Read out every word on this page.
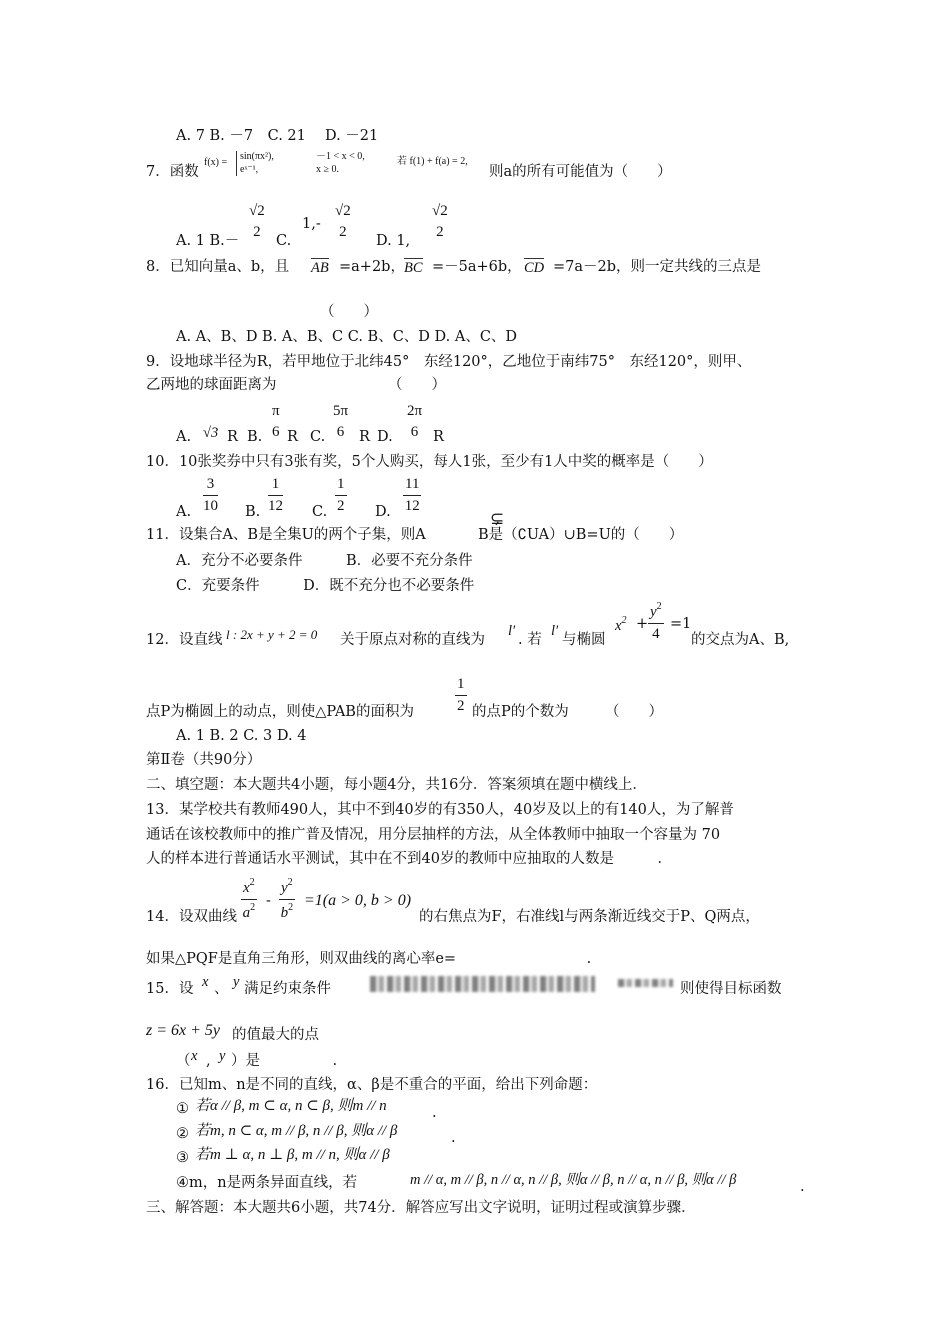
A. 7 B. －7　C. 21　 D. －21
7．函数
f(x) =
sin(πx²),
eˣ⁻¹,
－1 < x < 0,
x ≥ 0.
若 f(1) + f(a) = 2,
则a的所有可能值为（　　）
A. 1 B.－
√2
2
C.
1,-
√2
2
D. 1,
√2
2
8．已知向量a、b，且 AB =a+2b， BC =－5a+6b， CD =7a－2b，则一定共线的三点是
（　　）
A. A、B、D B. A、B、C C. B、C、D D. A、C、D
9．设地球半径为R，若甲地位于北纬45°　东经120°，乙地位于南纬75°　东经120°，则甲、
乙两地的球面距离为	（　　）
A. √3 R B.
π
6 R C.
5π
6	R D.
2π
6	R
10．10张奖券中只有3张有奖，5个人购买，每人1张，至少有1人中奖的概率是（　　）
A. $\frac{3}{10} B$. $\frac{1}{12} C$. $\frac{1}{2} D$. $\frac{11}{12}$
11．设集合A、B是全集U的两个子集，则A
⊊
B是（∁UA）∪B=U的（　　）
A．充分不必要条件　　　B．必要不充分条件
C．充要条件　　　D．既不充分也不必要条件
12．设直线 l : 2x + y + 2 = 0 关于原点对称的直线为
l′
. 若
l′
与椭圆
$x^2 + \frac{y^2}{4} =1$
的交点为A、B,
点P为椭圆上的动点，则使△PAB的面积为	$\frac{1}{2}$ 的点P的个数为　　　（　　）
A. 1 B. 2 C. 3 D. 4
第Ⅱ卷（共90分）
二、填空题：本大题共4小题，每小题4分，共16分．答案须填在题中横线上．
13．某学校共有教师490人，其中不到40岁的有350人，40岁及以上的有140人，为了解普
通话在该校教师中的推广普及情况，用分层抽样的方法，从全体教师中抽取一个容量为 70
人的样本进行普通话水平测试，其中在不到40岁的教师中应抽取的人数是　　　．
14．设双曲线 $\frac{x^2}{a^2} - \frac{y^2}{b^2} =1(a > 0$, b > 0)
的右焦点为F，右准线l与两条渐近线交于P、Q两点，
如果△PQF是直角三角形，则双曲线的离心率e=　　　　　　　　　.
15．设 x 、 y 满足约束条件	则使得目标函数
z = 6x + 5y 的值最大的点
（ x , y ）是　　　　　.
16．已知m、n是不同的直线，α、β是不重合的平面，给出下列命题：
① 若α // β, m ⊂ α, n ⊂ β, 则m // n	.
② 若m, n ⊂ α, m // β, n // β, 则α // β	.
③ 若m ⊥ α, n ⊥ β, m // n, 则α // β
④m，n是两条异面直线，若	m // α, m // β, n // α, n // β, 则α // β, n // α, n // β, 则α // β	.
三、解答题：本大题共6小题，共74分．解答应写出文字说明，证明过程或演算步骤．
